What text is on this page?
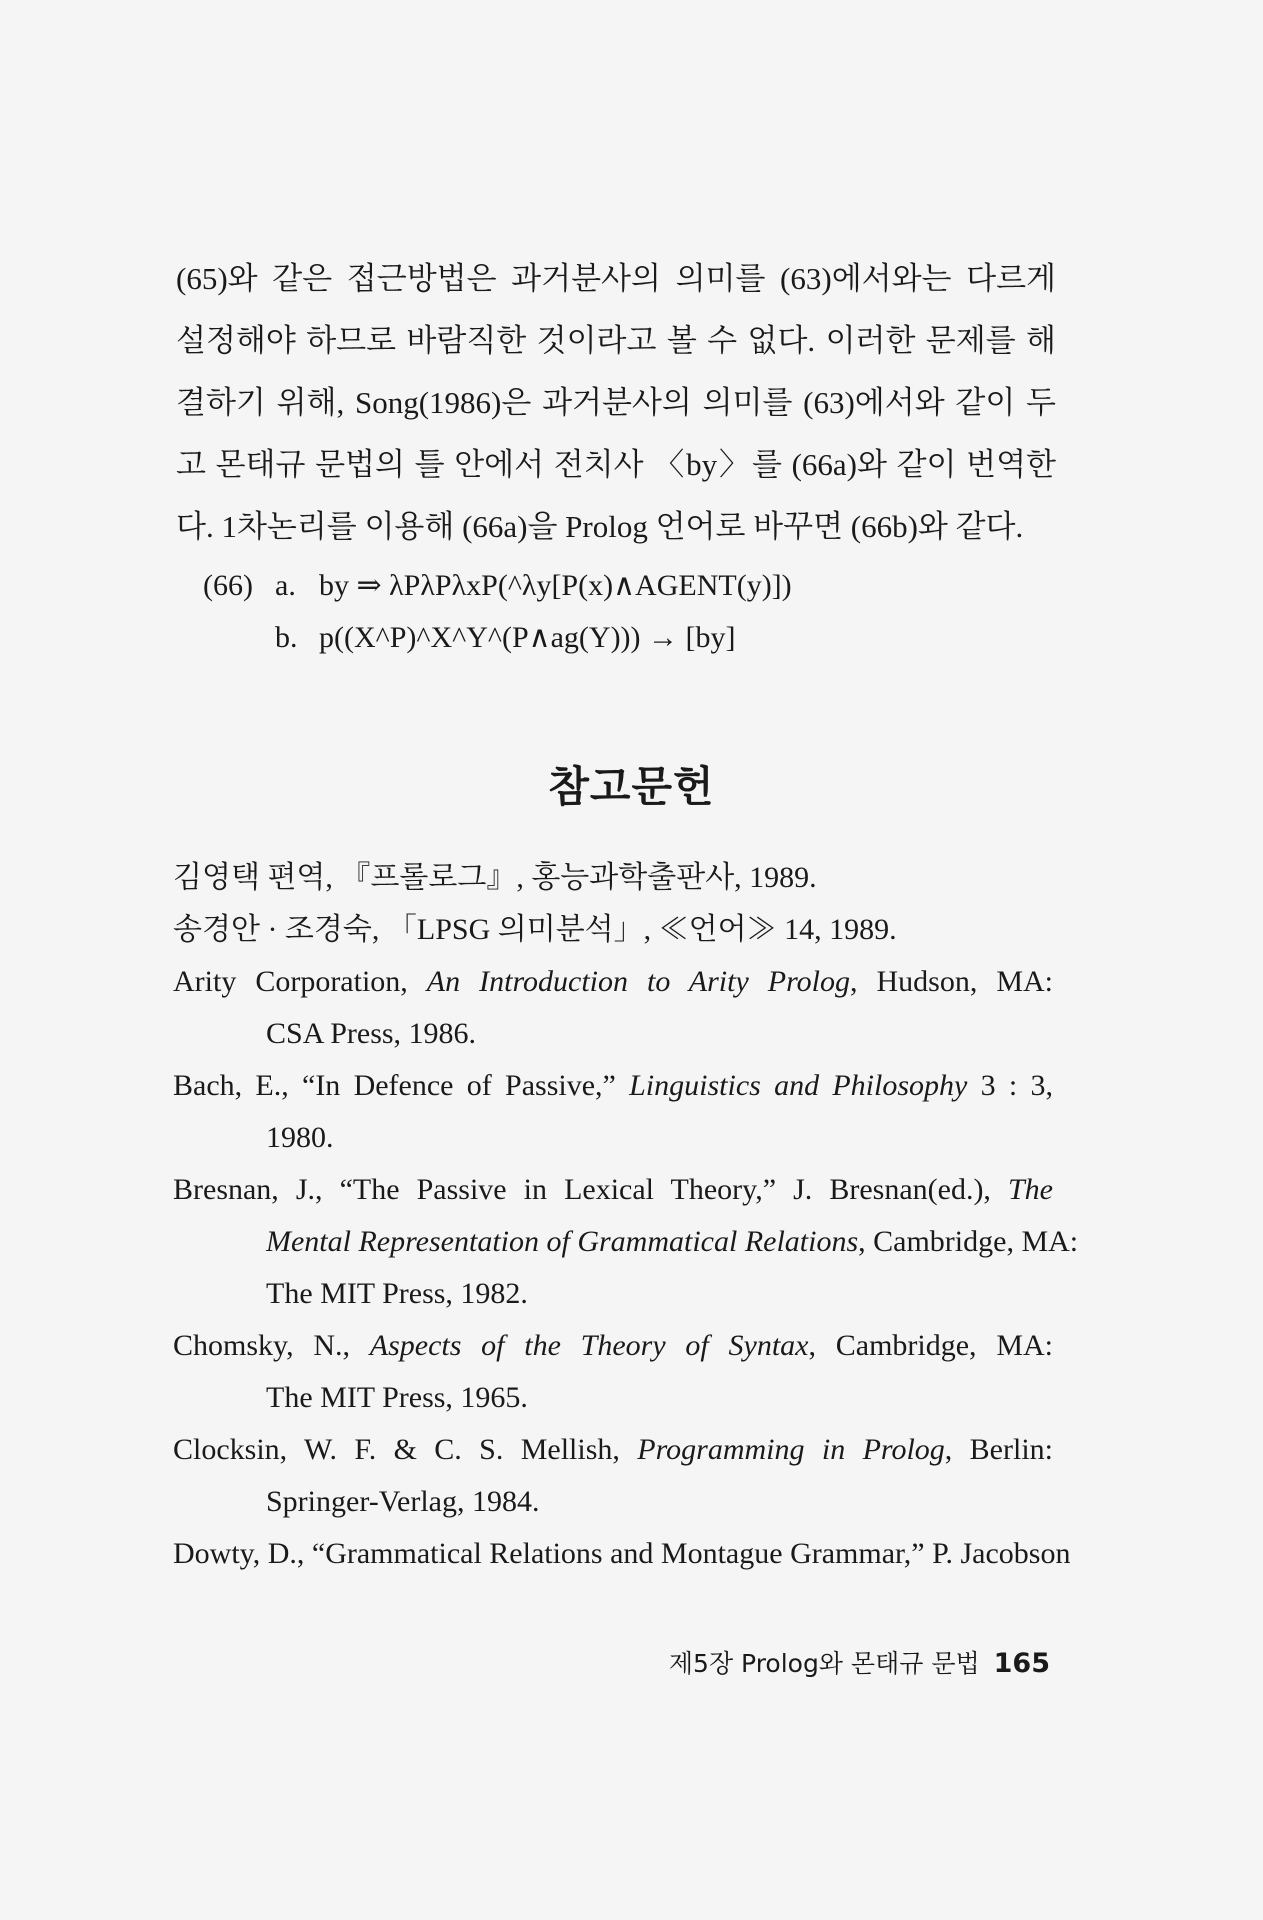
(65)와 같은 접근방법은 과거분사의 의미를 (63)에서와는 다르게
설정해야 하므로 바람직한 것이라고 볼 수 없다. 이러한 문제를 해
결하기 위해, Song(1986)은 과거분사의 의미를 (63)에서와 같이 두
고 몬태규 문법의 틀 안에서 전치사 〈by〉를 (66a)와 같이 번역한
다. 1차논리를 이용해 (66a)을 Prolog 언어로 바꾸면 (66b)와 같다.
(66) a. by ⇒ λPλPλxP(^λy[P(x)∧AGENT(y)])
b. p((X^P)^X^Y^(P∧ag(Y))) → [by]
참고문헌
김영택 편역, 『프롤로그』, 홍능과학출판사, 1989.
송경안 · 조경숙, 「LPSG 의미분석」, ≪언어≫ 14, 1989.
Arity Corporation, An Introduction to Arity Prolog, Hudson, MA:
CSA Press, 1986.
Bach, E., “In Defence of Passive,” Linguistics and Philosophy 3 : 3,
1980.
Bresnan, J., “The Passive in Lexical Theory,” J. Bresnan(ed.), The
Mental Representation of Grammatical Relations, Cambridge, MA:
The MIT Press, 1982.
Chomsky, N., Aspects of the Theory of Syntax, Cambridge, MA:
The MIT Press, 1965.
Clocksin, W. F. & C. S. Mellish, Programming in Prolog, Berlin:
Springer-Verlag, 1984.
Dowty, D., “Grammatical Relations and Montague Grammar,” P. Jacobson
제5장 Prolog와 몬태규 문법 165
